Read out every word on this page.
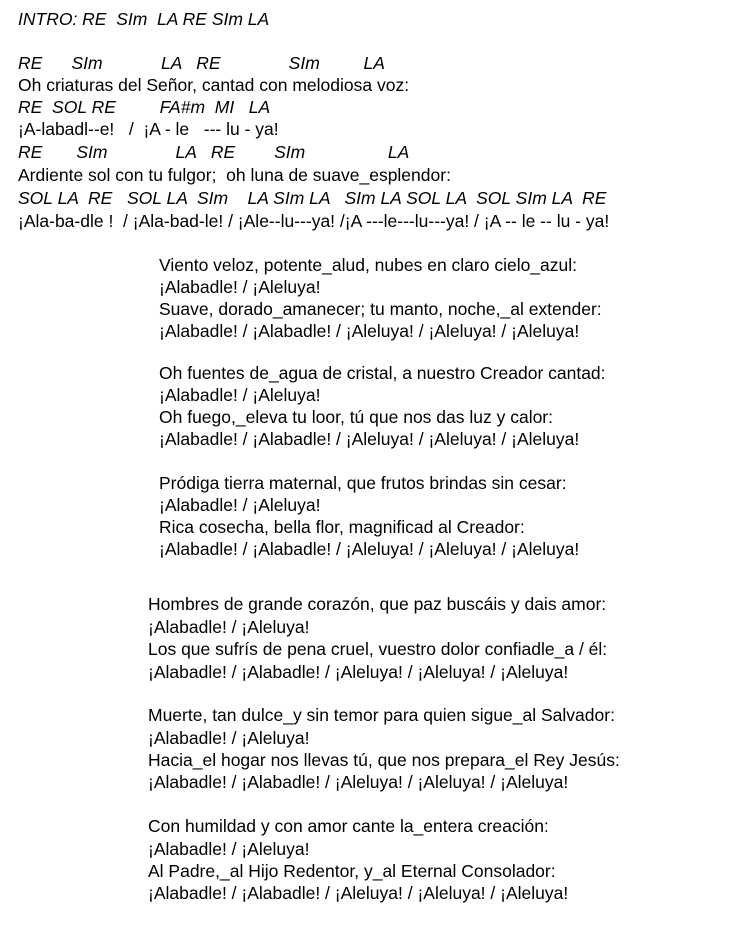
INTRO: RE  SIm  LA RE SIm LA

RE      SIm            LA   RE              SIm         LA

Oh criaturas del Señor, cantad con melodiosa voz:

RE  SOL RE         FA#m  MI   LA

¡A-labadl--e!   /  ¡A - le   --- lu - ya!

RE       SIm              LA   RE        SIm                 LA

Ardiente sol con tu fulgor;  oh luna de suave_esplendor:

SOL LA  RE   SOL LA  SIm    LA SIm LA   SIm LA SOL LA  SOL SIm LA  RE

¡Ala-ba-dle !  / ¡Ala-bad-le! / ¡Ale--lu---ya! /¡A ---le---lu---ya! / ¡A -- le -- lu - ya!

Viento veloz, potente_alud, nubes en claro cielo_azul:

¡Alabadle! / ¡Aleluya!

Suave, dorado_amanecer; tu manto, noche,_al extender:

¡Alabadle! / ¡Alabadle! / ¡Aleluya! / ¡Aleluya! / ¡Aleluya!

Oh fuentes de_agua de cristal, a nuestro Creador cantad:

¡Alabadle! / ¡Aleluya!

Oh fuego,_eleva tu loor, tú que nos das luz y calor:

¡Alabadle! / ¡Alabadle! / ¡Aleluya! / ¡Aleluya! / ¡Aleluya!

Pródiga tierra maternal, que frutos brindas sin cesar:

¡Alabadle! / ¡Aleluya!

Rica cosecha, bella flor, magnificad al Creador:

¡Alabadle! / ¡Alabadle! / ¡Aleluya! / ¡Aleluya! / ¡Aleluya!

Hombres de grande corazón, que paz buscáis y dais amor:

¡Alabadle! / ¡Aleluya!

Los que sufrís de pena cruel, vuestro dolor confiadle_a / él:

¡Alabadle! / ¡Alabadle! / ¡Aleluya! / ¡Aleluya! / ¡Aleluya!

Muerte, tan dulce_y sin temor para quien sigue_al Salvador:

¡Alabadle! / ¡Aleluya!

Hacia_el hogar nos llevas tú, que nos prepara_el Rey Jesús:

¡Alabadle! / ¡Alabadle! / ¡Aleluya! / ¡Aleluya! / ¡Aleluya!

Con humildad y con amor cante la_entera creación:

¡Alabadle! / ¡Aleluya!

Al Padre,_al Hijo Redentor, y_al Eternal Consolador:

¡Alabadle! / ¡Alabadle! / ¡Aleluya! / ¡Aleluya! / ¡Aleluya!
